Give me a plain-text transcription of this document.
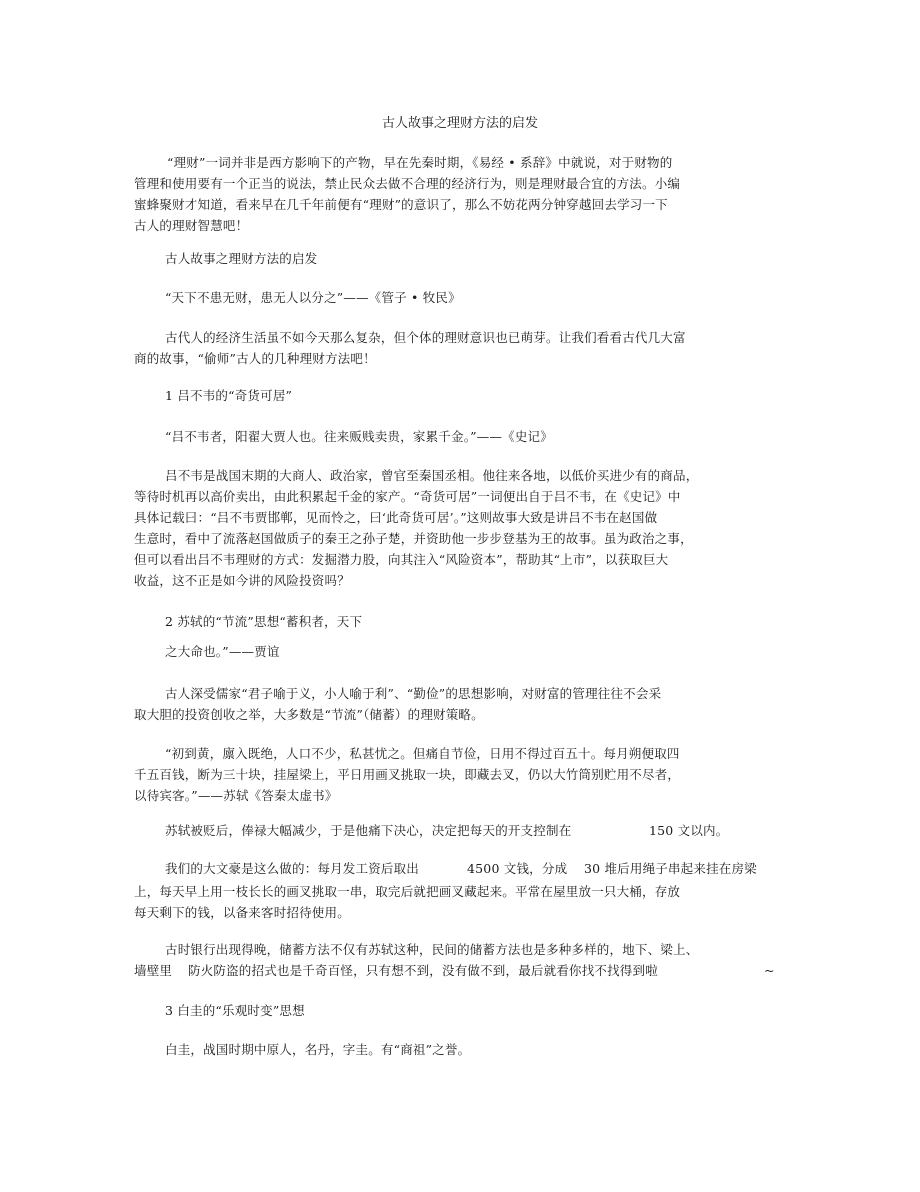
古人故事之理财方法的启发
“理财”一词并非是西方影响下的产物，早在先秦时期，《易经 • 系辞》中就说，对于财物的
管理和使用要有一个正当的说法，禁止民众去做不合理的经济行为，则是理财最合宜的方法。小编
蜜蜂聚财才知道，看来早在几千年前便有“理财”的意识了，那么不妨花两分钟穿越回去学习一下
古人的理财智慧吧！
古人故事之理财方法的启发
“天下不患无财，患无人以分之”——《管子 • 牧民》
古代人的经济生活虽不如今天那么复杂，但个体的理财意识也已萌芽。让我们看看古代几大富
商的故事，“偷师”古人的几种理财方法吧！
1 吕不韦的“奇货可居”
“吕不韦者，阳翟大贾人也。往来贩贱卖贵，家累千金。”——《史记》
吕不韦是战国末期的大商人、政治家，曾官至秦国丞相。他往来各地，以低价买进少有的商品，
等待时机再以高价卖出，由此积累起千金的家产。“奇货可居”一词便出自于吕不韦，在《史记》中
具体记载曰：“吕不韦贾邯郸，见而怜之，曰‘此奇货可居’。”这则故事大致是讲吕不韦在赵国做
生意时，看中了流落赵国做质子的秦王之孙子楚，并资助他一步步登基为王的故事。虽为政治之事，
但可以看出吕不韦理财的方式：发掘潜力股，向其注入“风险资本”，帮助其“上市”，以获取巨大
收益，这不正是如今讲的风险投资吗？
2 苏轼的“节流”思想“蓄积者，天下
之大命也。”——贾谊
古人深受儒家“君子喻于义，小人喻于利”、“勤俭”的思想影响，对财富的管理往往不会采
取大胆的投资创收之举，大多数是“节流”（储蓄）的理财策略。
“初到黄，廪入既绝，人口不少，私甚忧之。但痛自节俭，日用不得过百五十。每月朔便取四
千五百钱，断为三十块，挂屋梁上，平日用画叉挑取一块，即藏去叉，仍以大竹筒别贮用不尽者，
以待宾客。”——苏轼《答秦太虚书》
苏轼被贬后，俸禄大幅减少，于是他痛下决心，决定把每天的开支控制在	150 文以内。
我们的大文豪是这么做的：每月发工资后取出	4500 文钱，分成 30 堆后用绳子串起来挂在房梁
上，每天早上用一枝长长的画叉挑取一串，取完后就把画叉藏起来。平常在屋里放一只大桶，存放
每天剩下的钱，以备来客时招待使用。
古时银行出现得晚，储蓄方法不仅有苏轼这种，民间的储蓄方法也是多种多样的，地下、梁上、
墙壁里 防火防盗的招式也是千奇百怪，只有想不到，没有做不到，最后就看你找不找得到啦	~
3 白圭的“乐观时变”思想
白圭，战国时期中原人，名丹，字圭。有“商祖”之誉。
